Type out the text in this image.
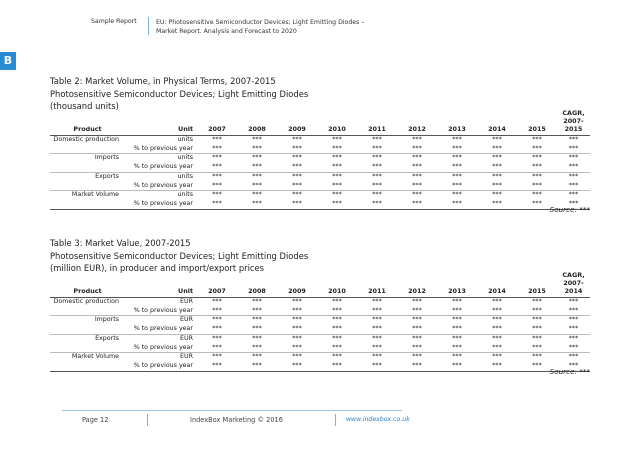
Sample Report	EU: Photosensitive Semiconductor Devices; Light Emitting Diodes –
Market Report. Analysis and Forecast to 2020
B
Table 2: Market Volume, in Physical Terms, 2007-2015
Photosensitive Semiconductor Devices; Light Emitting Diodes
(thousand units)
Product	Unit	2007	2008	2009	2010	2011	2012	2013	2014	2015	CAGR, 2007-2015
Domestic production	units	***	***	***	***	***	***	***	***	***	***
	% to previous year	***	***	***	***	***	***	***	***	***	***
Imports	units	***	***	***	***	***	***	***	***	***	***
	% to previous year	***	***	***	***	***	***	***	***	***	***
Exports	units	***	***	***	***	***	***	***	***	***	***
	% to previous year	***	***	***	***	***	***	***	***	***	***
Market Volume	units	***	***	***	***	***	***	***	***	***	***
	% to previous year	***	***	***	***	***	***	***	***	***	***
Source: ***
Table 3: Market Value, 2007-2015
Photosensitive Semiconductor Devices; Light Emitting Diodes
(million EUR), in producer and import/export prices
Product	Unit	2007	2008	2009	2010	2011	2012	2013	2014	2015	CAGR, 2007-2014
Domestic production	EUR	***	***	***	***	***	***	***	***	***	***
	% to previous year	***	***	***	***	***	***	***	***	***	***
Imports	EUR	***	***	***	***	***	***	***	***	***	***
	% to previous year	***	***	***	***	***	***	***	***	***	***
Exports	EUR	***	***	***	***	***	***	***	***	***	***
	% to previous year	***	***	***	***	***	***	***	***	***	***
Market Volume	EUR	***	***	***	***	***	***	***	***	***	***
	% to previous year	***	***	***	***	***	***	***	***	***	***
Source: ***
Page 12	IndexBox Marketing © 2016	www.indexbox.co.uk
